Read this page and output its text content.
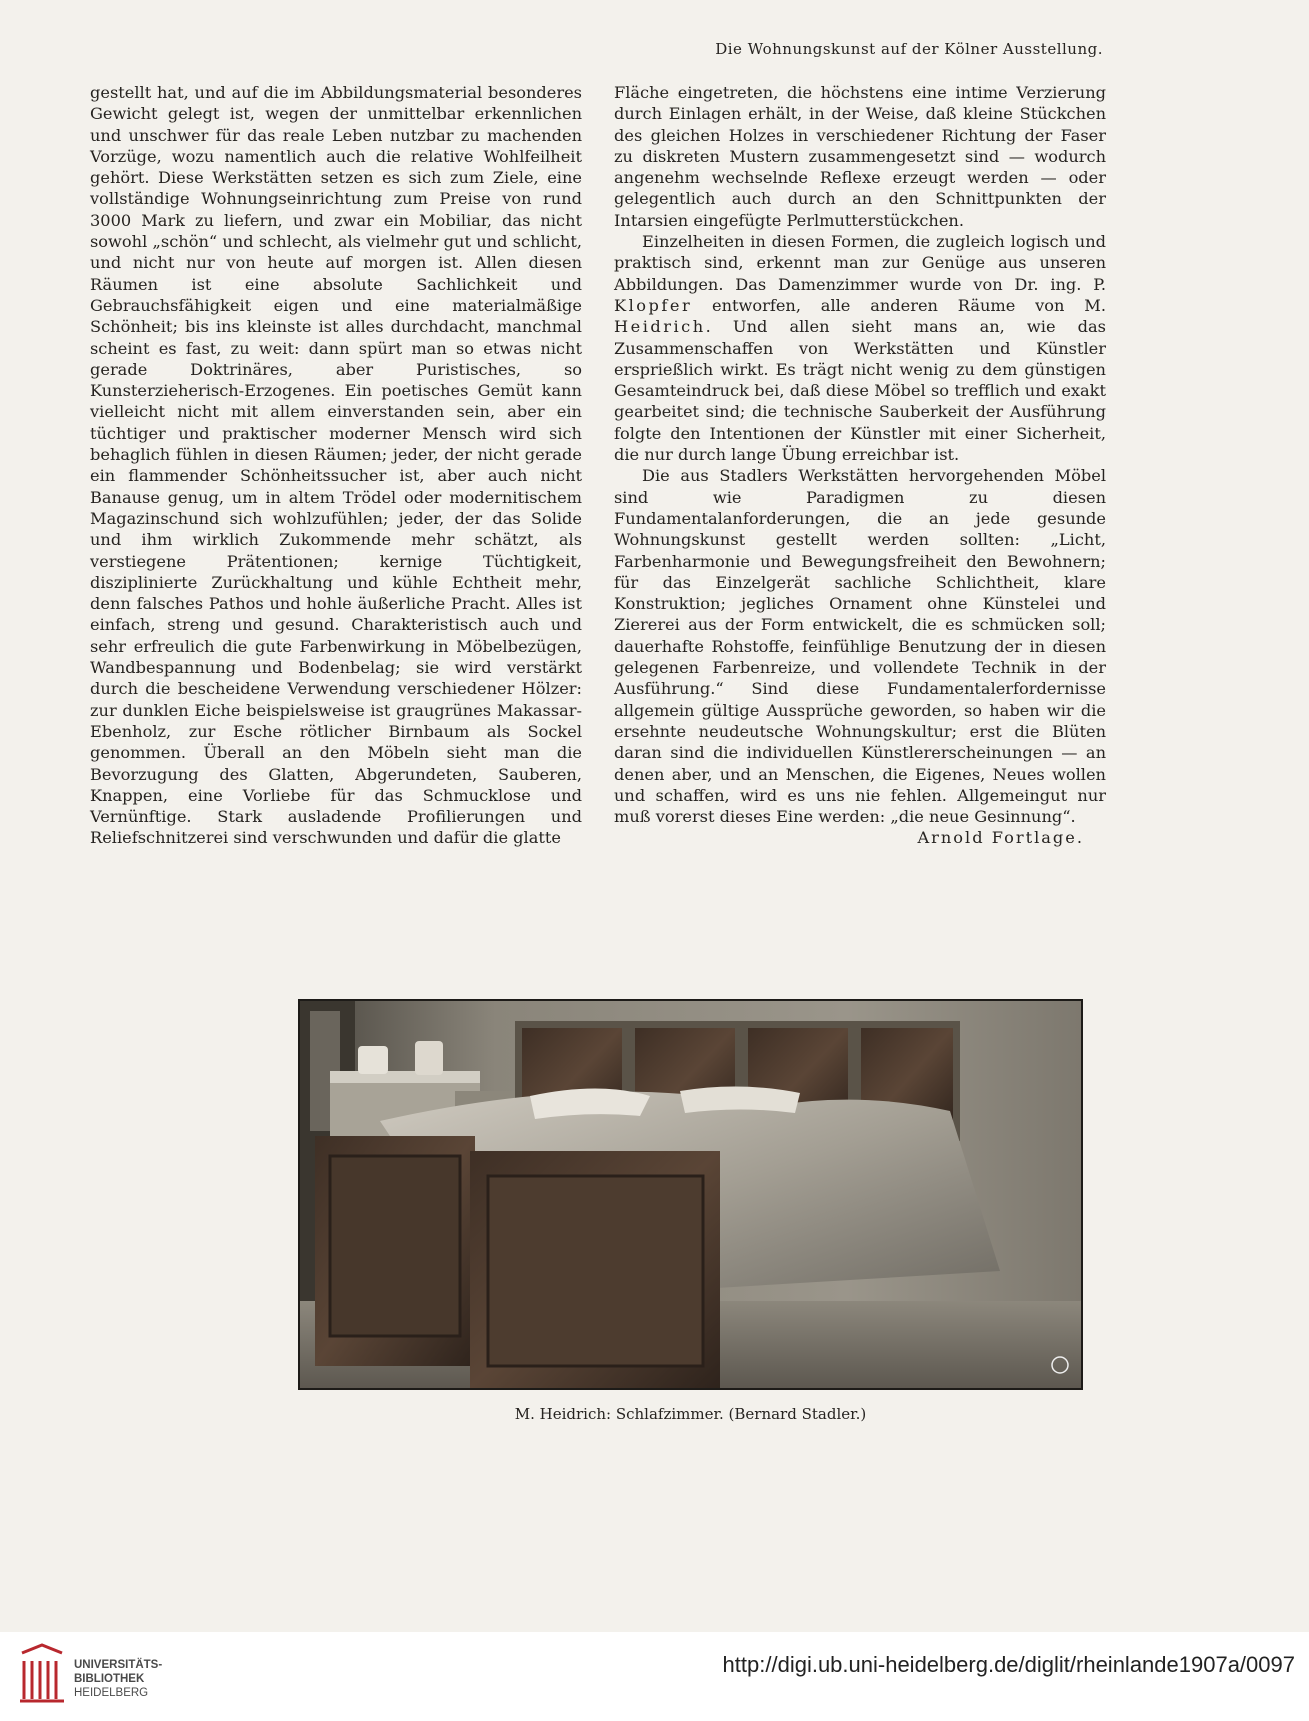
Die Wohnungskunst auf der Kölner Ausstellung.

gestellt hat, und auf die im Abbildungsmaterial besonderes Gewicht gelegt ist, wegen der unmittelbar erkennlichen und unschwer für das reale Leben nutzbar zu machenden Vorzüge, wozu namentlich auch die relative Wohlfeilheit gehört. Diese Werkstätten setzen es sich zum Ziele, eine vollständige Wohnungseinrichtung zum Preise von rund 3000 Mark zu liefern, und zwar ein Mobiliar, das nicht sowohl „schön“ und schlecht, als vielmehr gut und schlicht, und nicht nur von heute auf morgen ist. Allen diesen Räumen ist eine absolute Sachlichkeit und Gebrauchsfähigkeit eigen und eine materialmäßige Schönheit; bis ins kleinste ist alles durchdacht, manchmal scheint es fast, zu weit: dann spürt man so etwas nicht gerade Doktrinäres, aber Puristisches, so Kunsterzieherisch-Erzogenes. Ein poetisches Gemüt kann vielleicht nicht mit allem einverstanden sein, aber ein tüchtiger und praktischer moderner Mensch wird sich behaglich fühlen in diesen Räumen; jeder, der nicht gerade ein flammender Schönheitssucher ist, aber auch nicht Banause genug, um in altem Trödel oder modernitischem Magazinschund sich wohlzufühlen; jeder, der das Solide und ihm wirklich Zukommende mehr schätzt, als verstiegene Prätentionen; kernige Tüchtigkeit, disziplinierte Zurückhaltung und kühle Echtheit mehr, denn falsches Pathos und hohle äußerliche Pracht. Alles ist einfach, streng und gesund. Charakteristisch auch und sehr erfreulich die gute Farbenwirkung in Möbelbezügen, Wandbespannung und Bodenbelag; sie wird verstärkt durch die bescheidene Verwendung verschiedener Hölzer: zur dunklen Eiche beispielsweise ist graugrünes Makassar-Ebenholz, zur Esche rötlicher Birnbaum als Sockel genommen. Überall an den Möbeln sieht man die Bevorzugung des Glatten, Abgerundeten, Sauberen, Knappen, eine Vorliebe für das Schmucklose und Vernünftige. Stark ausladende Profilierungen und Reliefschnitzerei sind verschwunden und dafür die glatte

Fläche eingetreten, die höchstens eine intime Verzierung durch Einlagen erhält, in der Weise, daß kleine Stückchen des gleichen Holzes in verschiedener Richtung der Faser zu diskreten Mustern zusammengesetzt sind — wodurch angenehm wechselnde Reflexe erzeugt werden — oder gelegentlich auch durch an den Schnittpunkten der Intarsien eingefügte Perlmutterstückchen.

Einzelheiten in diesen Formen, die zugleich logisch und praktisch sind, erkennt man zur Genüge aus unseren Abbildungen. Das Damenzimmer wurde von Dr. ing. P. Klopfer entworfen, alle anderen Räume von M. Heidrich. Und allen sieht mans an, wie das Zusammenschaffen von Werkstätten und Künstler ersprießlich wirkt. Es trägt nicht wenig zu dem günstigen Gesamteindruck bei, daß diese Möbel so trefflich und exakt gearbeitet sind; die technische Sauberkeit der Ausführung folgte den Intentionen der Künstler mit einer Sicherheit, die nur durch lange Übung erreichbar ist.

Die aus Stadlers Werkstätten hervorgehenden Möbel sind wie Paradigmen zu diesen Fundamentalanforderungen, die an jede gesunde Wohnungskunst gestellt werden sollten: „Licht, Farbenharmonie und Bewegungsfreiheit den Bewohnern; für das Einzelgerät sachliche Schlichtheit, klare Konstruktion; jegliches Ornament ohne Künstelei und Ziererei aus der Form entwickelt, die es schmücken soll; dauerhafte Rohstoffe, feinfühlige Benutzung der in diesen gelegenen Farbenreize, und vollendete Technik in der Ausführung.“ Sind diese Fundamentalerfordernisse allgemein gültige Aussprüche geworden, so haben wir die ersehnte neudeutsche Wohnungskultur; erst die Blüten daran sind die individuellen Künstlererscheinungen — an denen aber, und an Menschen, die Eigenes, Neues wollen und schaffen, wird es uns nie fehlen. Allgemeingut nur muß vorerst dieses Eine werden: „die neue Gesinnung“.

Arnold Fortlage.

M. Heidrich: Schlafzimmer. (Bernard Stadler.)
UNIVERSITÄTS-
BIBLIOTHEK
HEIDELBERG
http://digi.ub.uni-heidelberg.de/diglit/rheinlande1907a/0097
